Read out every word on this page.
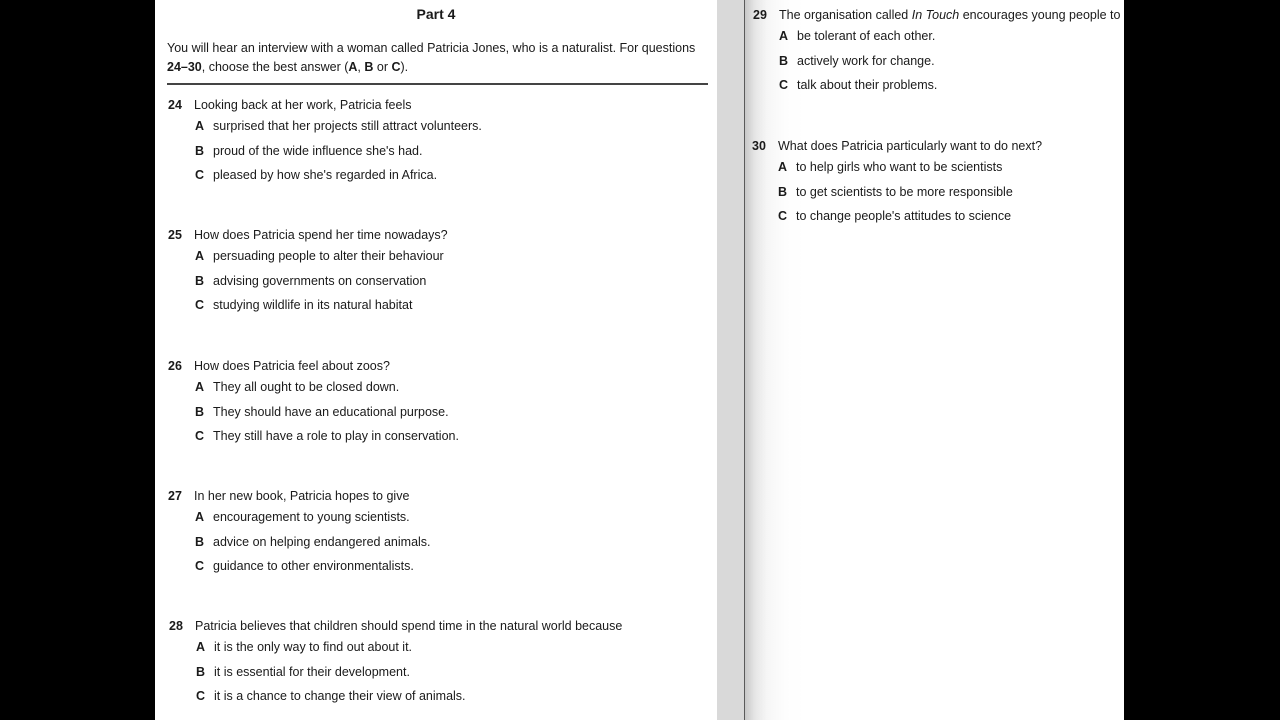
Part 4
You will hear an interview with a woman called Patricia Jones, who is a naturalist. For questions
24–30, choose the best answer (A, B or C).
24 Looking back at her work, Patricia feels
A surprised that her projects still attract volunteers.
B proud of the wide influence she's had.
C pleased by how she's regarded in Africa.
25 How does Patricia spend her time nowadays?
A persuading people to alter their behaviour
B advising governments on conservation
C studying wildlife in its natural habitat
26 How does Patricia feel about zoos?
A They all ought to be closed down.
B They should have an educational purpose.
C They still have a role to play in conservation.
27 In her new book, Patricia hopes to give
A encouragement to young scientists.
B advice on helping endangered animals.
C guidance to other environmentalists.
28 Patricia believes that children should spend time in the natural world because
A it is the only way to find out about it.
B it is essential for their development.
C it is a chance to change their view of animals.
29 The organisation called In Touch encourages young people to
A be tolerant of each other.
B actively work for change.
C talk about their problems.
30 What does Patricia particularly want to do next?
A to help girls who want to be scientists
B to get scientists to be more responsible
C to change people's attitudes to science
